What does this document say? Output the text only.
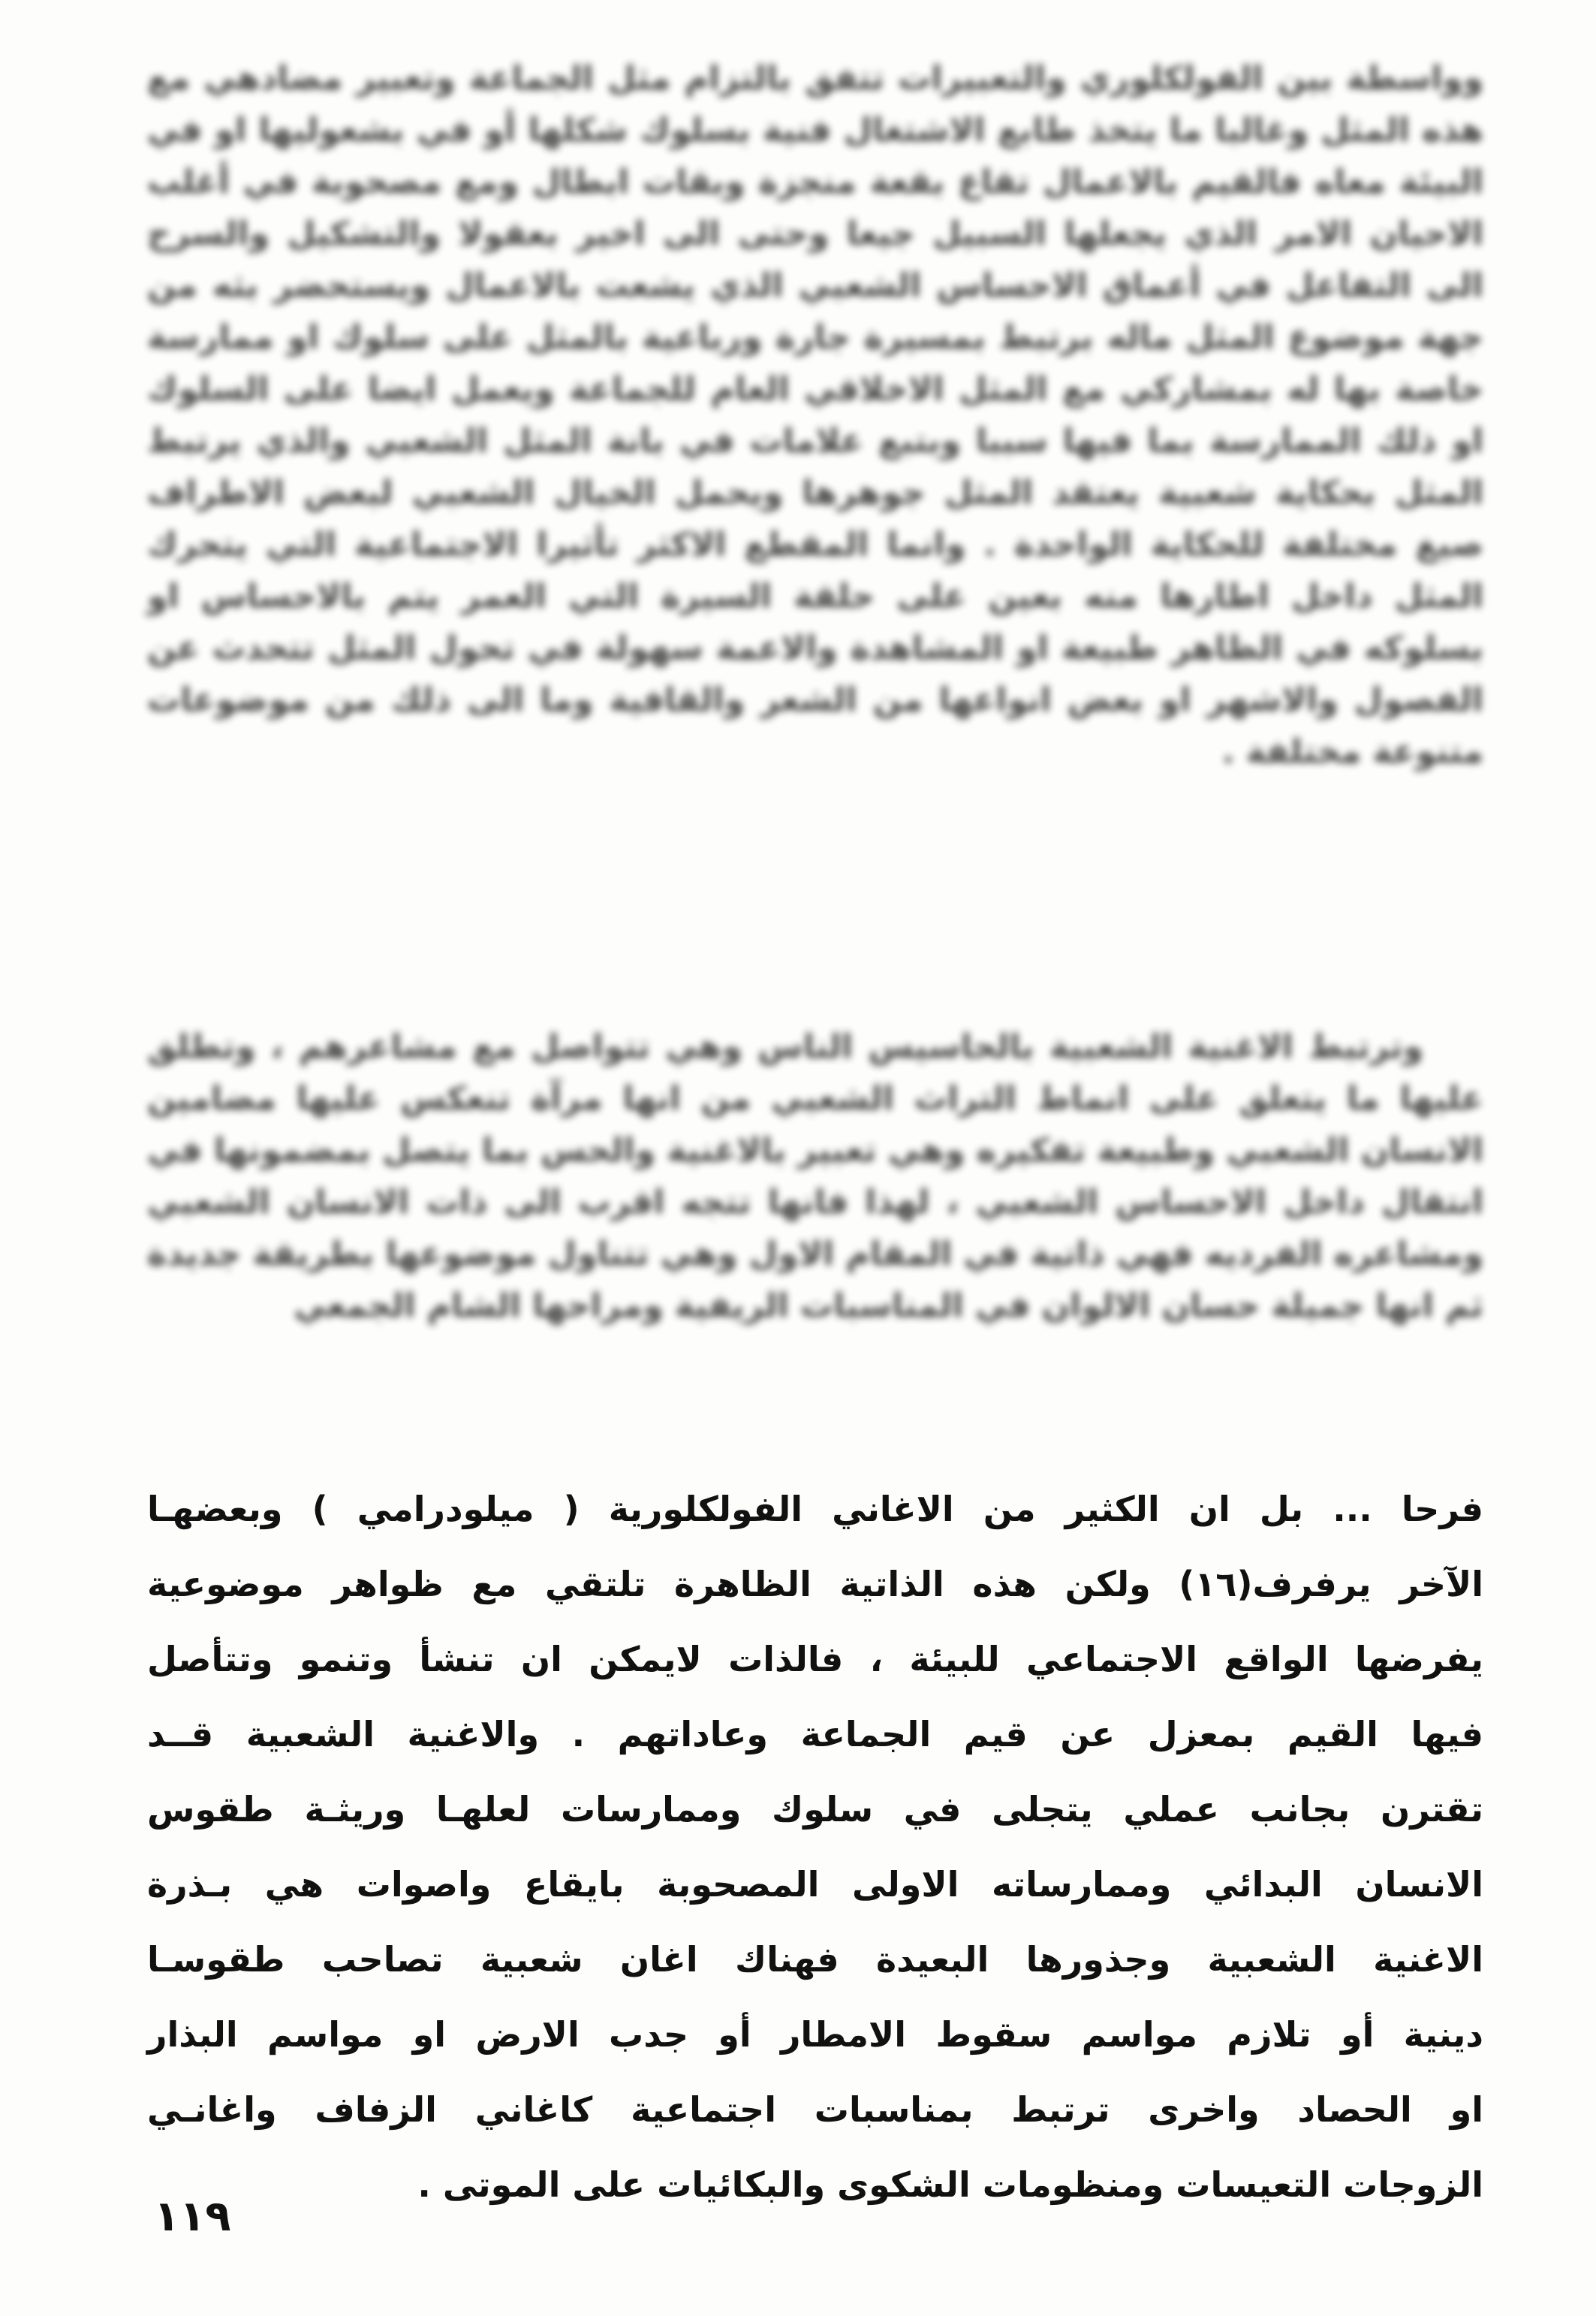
وواسطة بين الفولكلوري والتعبيرات تتفق بالتزام مثل الجماعة وتعبير مضادهي مع هذه المثل وغالبا ما يتخذ طابع الاشتغال فنية بسلوك شكلها أو في بشعوليها او في البيئة معاه فالقيم بالاعمال تقاع بقعة منجزة وبقات ابطال ومع مصحوبة في أغلب الاحيان الامر الذي يجعلها السبيل جيعا وحتى الى اخير بعقولا والتشكيل والسرح الى التفاعل في أعماق الاحساس الشعبي الذي يشعت بالاعمال ويستحضر بثه من جهة موضوع المثل ماله برتبط بمسيرة جارة ورباعية بالمثل على سلوك او ممارسة خاصة بها له بمشاركي مع المثل الاخلاقي العام للجماعة ويعمل ايضا على السلوك او ذلك الممارسة بما فيها سببا وبتبع علامات في بانة المثل الشعبي والذي يرتبط المثل بحكاية شعبية يعتقد المثل جوهرها ويحمل الخيال الشعبي لبعض الاطراف صيغ مختلفة للحكاية الواحدة . وانما المقطع الاكثر تأثيرا الاجتماعية التي يتحرك المثل داخل اطارها منه بعين على حلقة السيرة التي العمر يتم بالاحساس او بسلوكه في الظاهر طبيعة او المشاهدة والاعمة سهولة في تحول المثل تتحدث عن الفصول والاشهر او بعض انواعها من الشعر والقافية وما الى ذلك من موضوعات متنوعة مختلفة .
وترتبط الاغنية الشعبية بالحاسيس الناس وهي تتواصل مع مشاعرهم ، وتطلق عليها ما يتعلق على انماط التراث الشعبي من انها مرآة تنعكس عليها مضامين الانسان الشعبي وطبيعة تفكيره وهي تعبير بالاغنية والحس بما يتصل بمضمونها في انتقال داخل الاحساس الشعبي ، لهذا فانها تتجه اقرب الى ذات الانسان الشعبي ومشاعره الفرديه فهي ذاتية في المقام الاول وهي تتناول موضوعها بطريقة جديدة ثم انها جميلة حسان الالوان في المناسبات الريفية ومراحها الشام الجمعي
فرحا ... بل ان الكثير من الاغاني الفولكلورية ( ميلودرامي ) وبعضهـا
الآخر يرفرف(١٦) ولكن هذه الذاتية الظاهرة تلتقي مع ظواهر موضوعية
يفرضها الواقع الاجتماعي للبيئة ، فالذات لايمكن ان تنشأ وتنمو وتتأصل
فيها القيم بمعزل عن قيم الجماعة وعاداتهم . والاغنية الشعبية قــد
تقترن بجانب عملي يتجلى في سلوك وممارسات لعلهـا وريثـة طقوس
الانسان البدائي وممارساته الاولى المصحوبة بايقاع واصوات هي بـذرة
الاغنية الشعبية وجذورها البعيدة فهناك اغان شعبية تصاحب طقوسـا
دينية أو تلازم مواسم سقوط الامطار أو جدب الارض او مواسم البذار
او الحصاد واخرى ترتبط بمناسبات اجتماعية كاغاني الزفاف واغانـي
الزوجات التعيسات ومنظومات الشكوى والبكائيات على الموتى .
١١٩
